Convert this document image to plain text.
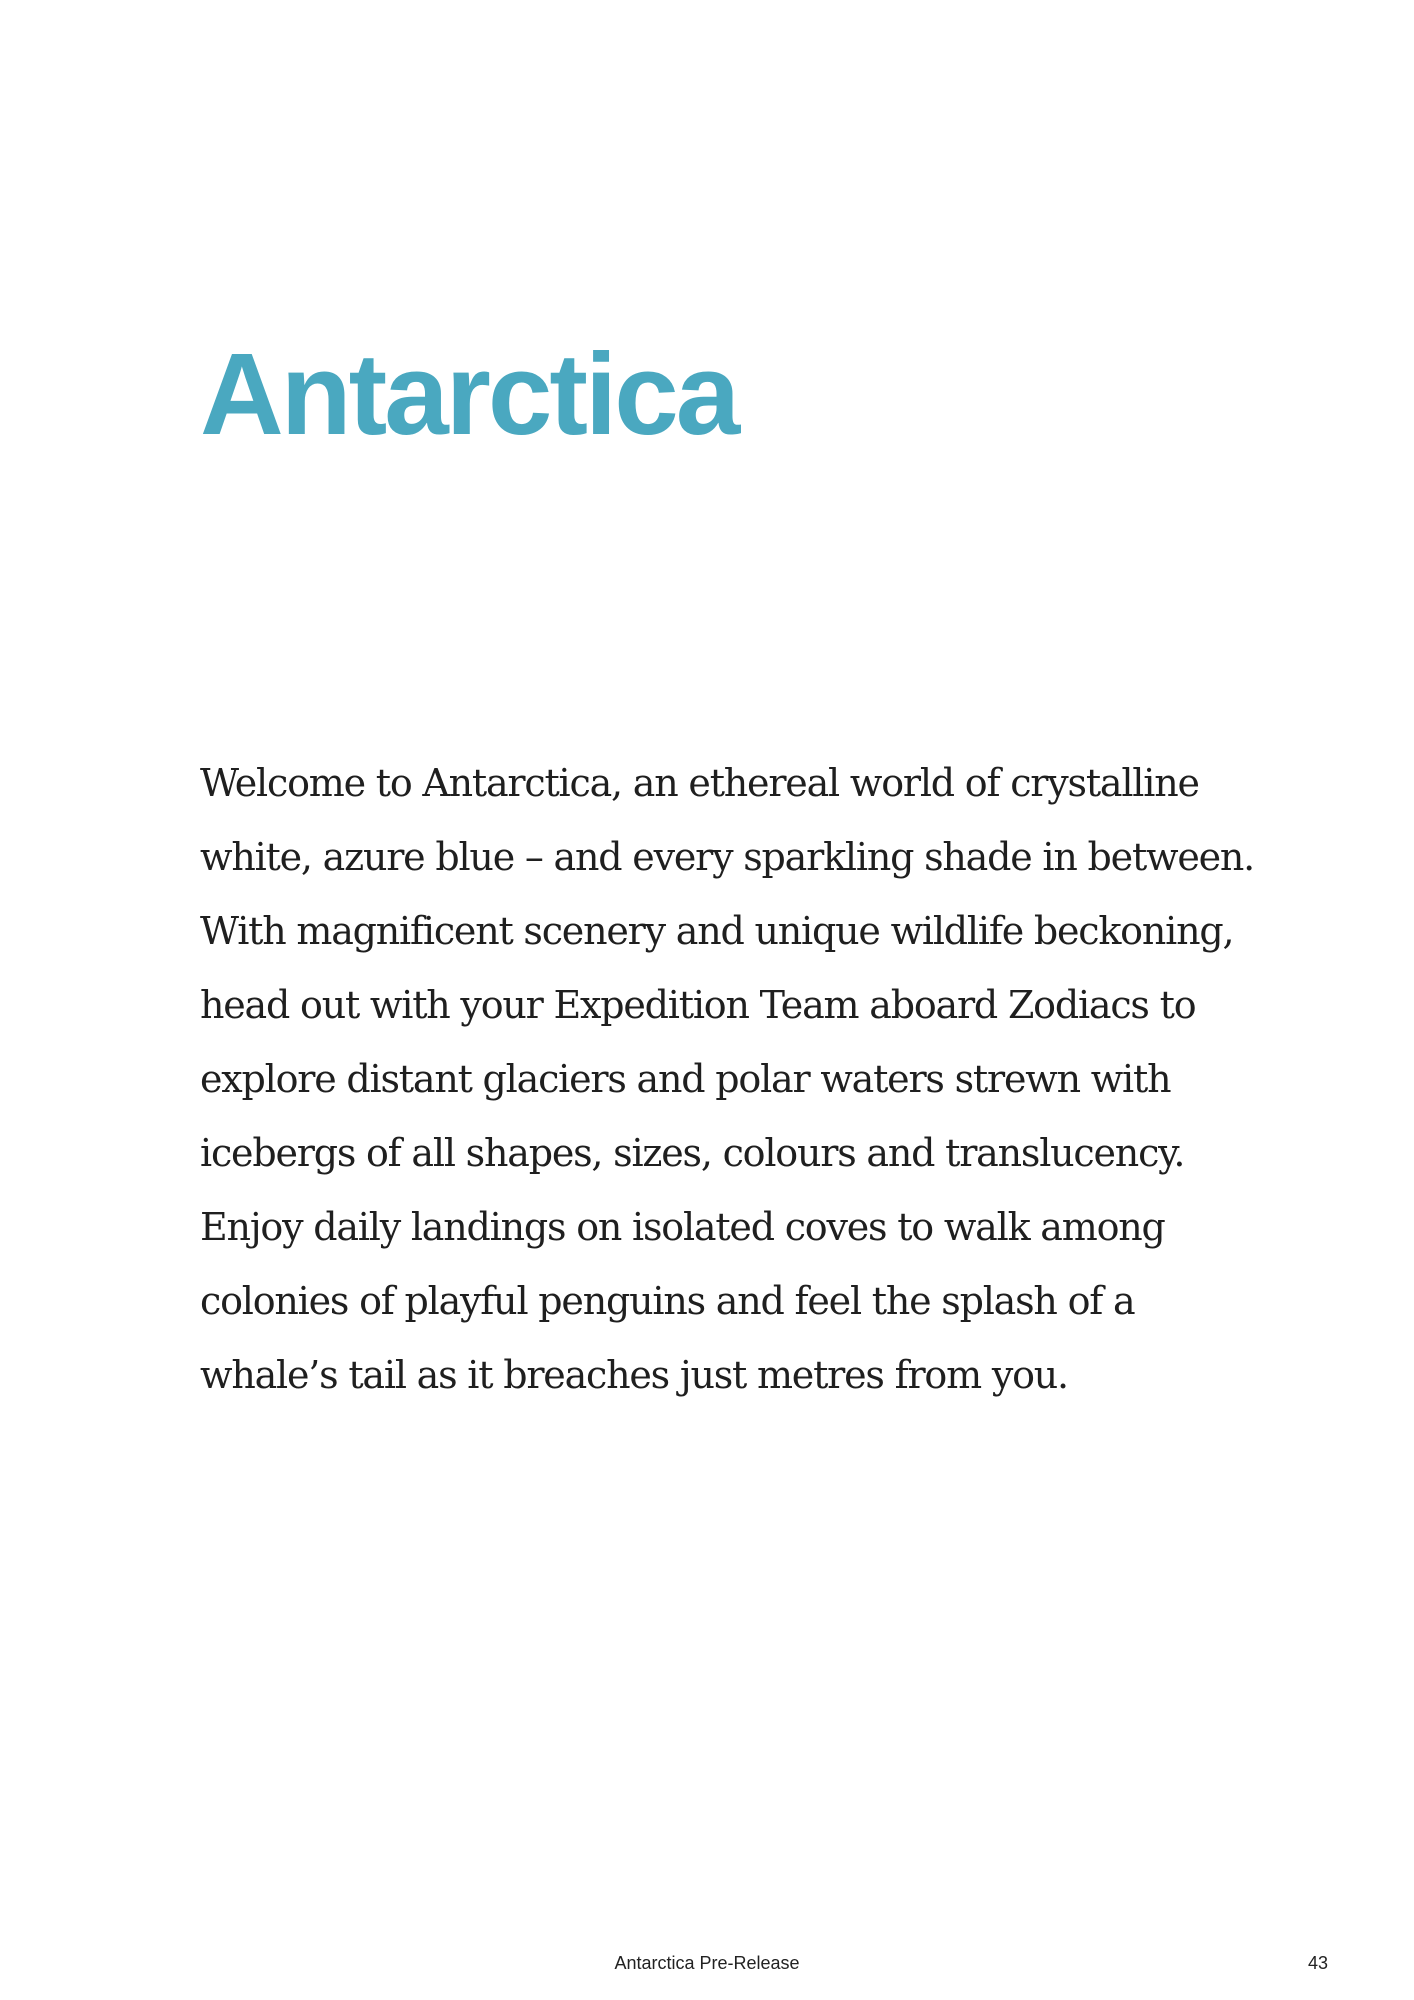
Antarctica

Welcome to Antarctica, an ethereal world of crystalline
white, azure blue – and every sparkling shade in between.
With magnificent scenery and unique wildlife beckoning,
head out with your Expedition Team aboard Zodiacs to
explore distant glaciers and polar waters strewn with
icebergs of all shapes, sizes, colours and translucency.
Enjoy daily landings on isolated coves to walk among
colonies of playful penguins and feel the splash of a
whale’s tail as it breaches just metres from you.

Antarctica Pre-Release	43
